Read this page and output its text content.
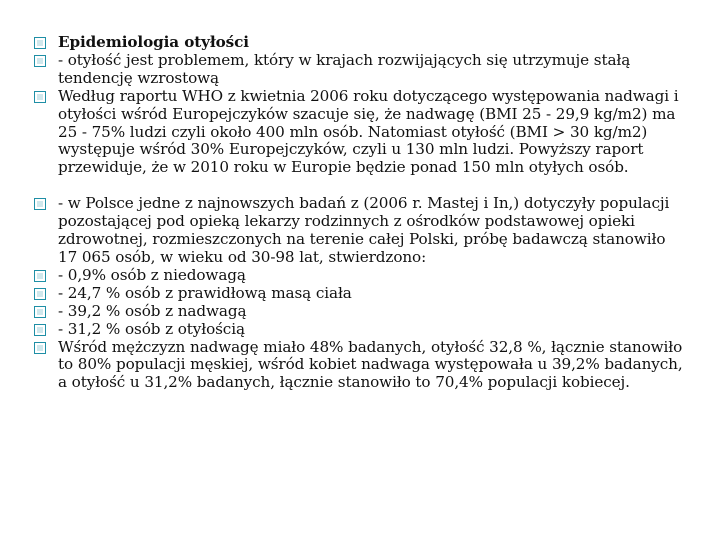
Epidemiologia otyłości

- otyłość jest problemem, który w krajach rozwijających się utrzymuje stałą tendencję wzrostową

Według raportu WHO z kwietnia 2006 roku dotyczącego występowania nadwagi i otyłości wśród Europejczyków szacuje się, że nadwagę (BMI 25 - 29,9 kg/m2) ma 25 - 75% ludzi czyli około 400 mln osób. Natomiast otyłość (BMI > 30 kg/m2) występuje wśród 30% Europejczyków, czyli u 130 mln ludzi. Powyższy raport przewiduje, że w 2010 roku w Europie będzie ponad 150 mln otyłych osób.

- w Polsce jedne z najnowszych badań z (2006 r. Mastej i In,) dotyczyły populacji pozostającej pod opieką lekarzy rodzinnych z ośrodków podstawowej opieki zdrowotnej, rozmieszczonych na terenie całej Polski, próbę badawczą stanowiło 17 065 osób, w wieku od 30-98 lat, stwierdzono:

- 0,9% osób z niedowagą

- 24,7 % osób z prawidłową masą ciała

- 39,2 % osób z nadwagą

- 31,2 % osób z otyłością

Wśród mężczyzn nadwagę miało 48% badanych, otyłość 32,8 %, łącznie stanowiło to 80% populacji męskiej, wśród kobiet nadwaga występowała u 39,2% badanych, a otyłość u 31,2% badanych, łącznie stanowiło to 70,4% populacji kobiecej.
